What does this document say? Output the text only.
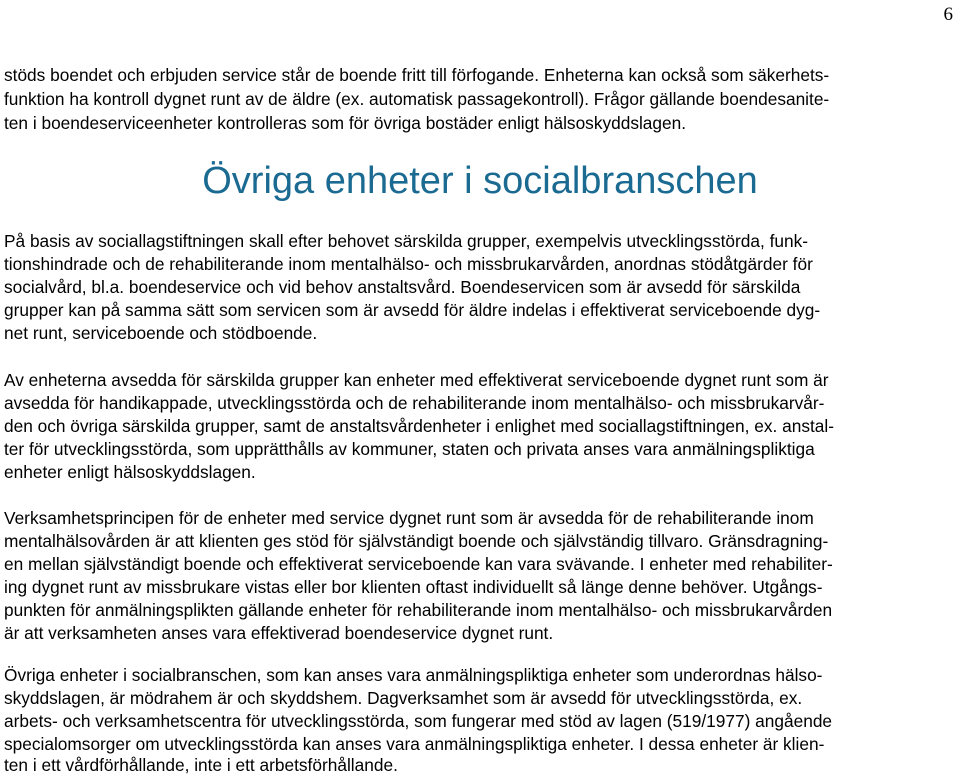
6
stöds boendet och erbjuden service står de boende fritt till förfogande. Enheterna kan också som säkerhets-
funktion ha kontroll dygnet runt av de äldre (ex. automatisk passagekontroll). Frågor gällande boendesanite-
ten i boendeserviceenheter kontrolleras som för övriga bostäder enligt hälsoskyddslagen.
Övriga enheter i socialbranschen
På basis av sociallagstiftningen skall efter behovet särskilda grupper, exempelvis utvecklingsstörda, funk-
tionshindrade och de rehabiliterande inom mentalhälso- och missbrukarvården, anordnas stödåtgärder för
socialvård, bl.a. boendeservice och vid behov anstaltsvård. Boendeservicen som är avsedd för särskilda
grupper kan på samma sätt som servicen som är avsedd för äldre indelas i effektiverat serviceboende dyg-
net runt, serviceboende och stödboende.
Av enheterna avsedda för särskilda grupper kan enheter med effektiverat serviceboende dygnet runt som är
avsedda för handikappade, utvecklingsstörda och de rehabiliterande inom mentalhälso- och missbrukarvår-
den och övriga särskilda grupper, samt de anstaltsvårdenheter i enlighet med sociallagstiftningen, ex. anstal-
ter för utvecklingsstörda, som upprätthålls av kommuner, staten och privata anses vara anmälningspliktiga
enheter enligt hälsoskyddslagen.
Verksamhetsprincipen för de enheter med service dygnet runt som är avsedda för de rehabiliterande inom
mentalhälsovården är att klienten ges stöd för självständigt boende och självständig tillvaro. Gränsdragning-
en mellan självständigt boende och effektiverat serviceboende kan vara svävande. I enheter med rehabiliter-
ing dygnet runt av missbrukare vistas eller bor klienten oftast individuellt så länge denne behöver. Utgångs-
punkten för anmälningsplikten gällande enheter för rehabiliterande inom mentalhälso- och missbrukarvården
är att verksamheten anses vara effektiverad boendeservice dygnet runt.
Övriga enheter i socialbranschen, som kan anses vara anmälningspliktiga enheter som underordnas hälso-
skyddslagen, är mödrahem är och skyddshem. Dagverksamhet som är avsedd för utvecklingsstörda, ex.
arbets- och verksamhetscentra för utvecklingsstörda, som fungerar med stöd av lagen (519/1977) angående
specialomsorger om utvecklingsstörda kan anses vara anmälningspliktiga enheter. I dessa enheter är klien-
ten i ett vårdförhållande, inte i ett arbetsförhållande.
